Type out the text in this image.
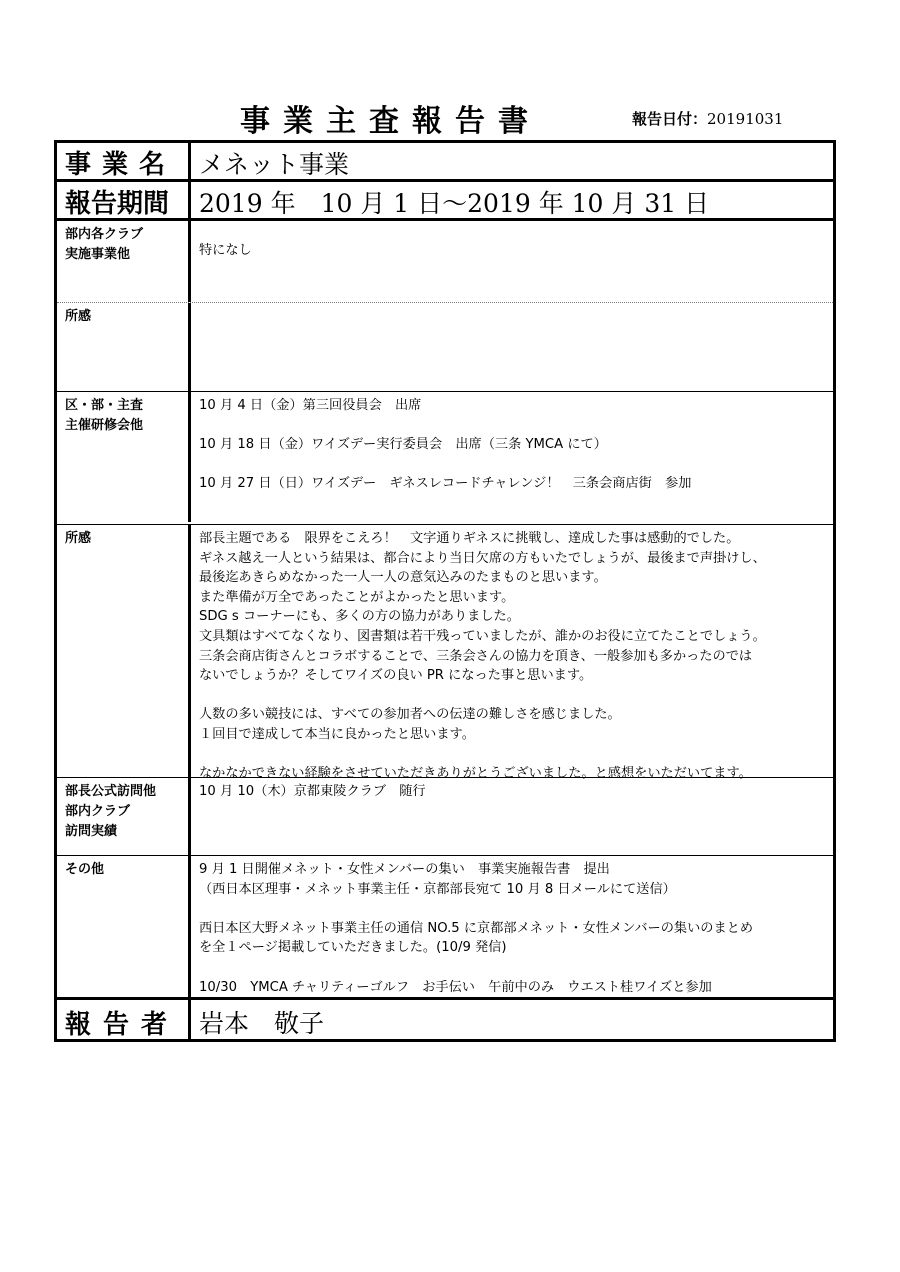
事業主査報告書	報告日付：20191031
事業名 メネット事業
報告期間 2019 年　10 月 1 日～2019 年 10 月 31 日
部内各クラブ
実施事業他	特になし
所感
区・部・主査
主催研修会他
10 月 4 日（金）第三回役員会　出席
10 月 18 日（金）ワイズデー実行委員会　出席（三条 YMCA にて）
10 月 27 日（日）ワイズデー　ギネスレコードチャレンジ！　三条会商店街　参加
所感	部長主題である　限界をこえろ！　文字通りギネスに挑戦し、達成した事は感動的でした。
ギネス越え一人という結果は、都合により当日欠席の方もいたでしょうが、最後まで声掛けし、
最後迄あきらめなかった一人一人の意気込みのたまものと思います。
また準備が万全であったことがよかったと思います。
SDG s コーナーにも、多くの方の協力がありました。
文具類はすべてなくなり、図書類は若干残っていましたが、誰かのお役に立てたことでしょう。
三条会商店街さんとコラボすることで、三条会さんの協力を頂き、一般参加も多かったのでは
ないでしょうか？そしてワイズの良い PR になった事と思います。
人数の多い競技には、すべての参加者への伝達の難しさを感じました。
１回目で達成して本当に良かったと思います。
なかなかできない経験をさせていただきありがとうございました。と感想をいただいてます。
部長公式訪問他
部内クラブ
訪問実績
10 月 10（木）京都東陵クラブ　随行
その他	9 月 1 日開催メネット・女性メンバーの集い　事業実施報告書　提出
（西日本区理事・メネット事業主任・京都部長宛て 10 月 8 日メールにて送信）
西日本区大野メネット事業主任の通信 NO.5 に京都部メネット・女性メンバーの集いのまとめ
を全１ページ掲載していただきました。(10/9 発信)
10/30　YMCA チャリティーゴルフ　お手伝い　午前中のみ　ウエスト桂ワイズと参加
報告者 岩本　敬子
